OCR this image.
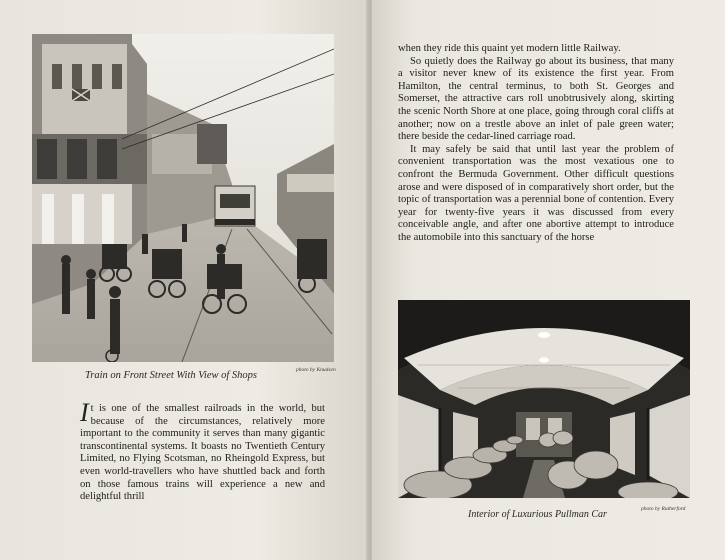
photo by Knudsen
Train on Front Street With View of Shops

It is one of the smallest railroads in the world, but because of the circumstances, relatively more important to the community it serves than many gigantic transcontinental systems. It boasts no Twentieth Century Limited, no Flying Scotsman, no Rheingold Express, but even world-travellers who have shuttled back and forth on those famous trains will experience a new and delightful thrill

when they ride this quaint yet modern little Railway.

So quietly does the Railway go about its business, that many a visitor never knew of its existence the first year. From Hamilton, the central terminus, to both St. Georges and Somerset, the attractive cars roll unobtrusively along, skirting the scenic North Shore at one place, going through coral cliffs at another; now on a trestle above an inlet of pale green water; there beside the cedar-lined carriage road.

It may safely be said that until last year the problem of convenient transportation was the most vexatious one to confront the Bermuda Government. Other difficult questions arose and were disposed of in comparatively short order, but the topic of transportation was a perennial bone of contention. Every year for twenty-five years it was discussed from every conceivable angle, and after one abortive attempt to introduce the automobile into this sanctuary of the horse

Interior of Luxurious Pullman Car	photo by Rutherford
